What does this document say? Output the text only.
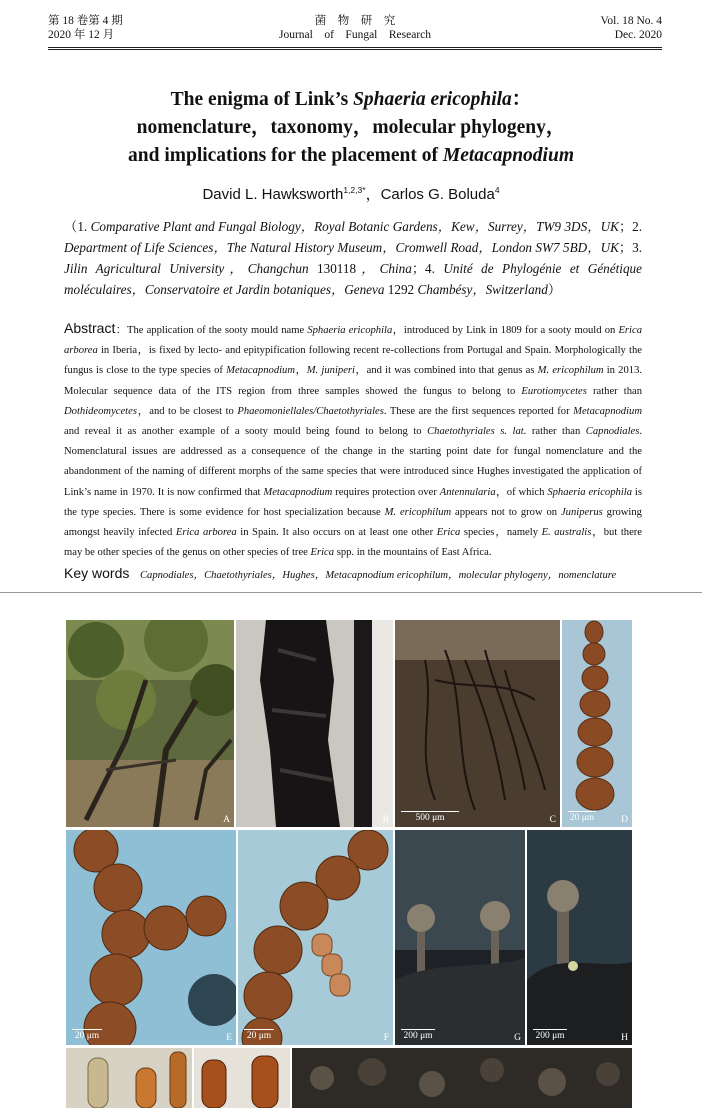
第 18 卷第 4 期
2020 年 12 月
菌　物　研　究
Journal　of　Fungal　Research
Vol. 18 No. 4
Dec. 2020
The enigma of Link’s Sphaeria ericophila：
nomenclature，taxonomy，molecular phylogeny，
and implications for the placement of Metacapnodium
David L. Hawksworth$^{1,2,3*}$，Carlos G. Boluda$^4$
（1. Comparative Plant and Fungal Biology，Royal Botanic Gardens，Kew，Surrey，TW9 3DS，UK；2. Department of Life Sciences，The Natural History Museum，Cromwell Road，London SW7 5BD，UK；3. Jilin Agricultural University，Changchun 130118，China；4. Unité de Phylogénie et Génétique moléculaires，Conservatoire et Jardin botaniques，Geneva 1292 Chambésy，Switzerland）
Abstract：The application of the sooty mould name Sphaeria ericophila，introduced by Link in 1809 for a sooty mould on Erica arborea in Iberia，is fixed by lecto- and epitypification following recent re-collections from Portugal and Spain. Morphologically the fungus is close to the type species of Metacapnodium，M. juniperi，and it was combined into that genus as M. ericophilum in 2013. Molecular sequence data of the ITS region from three samples showed the fungus to belong to Eurotiomycetes rather than Dothideomycetes，and to be closest to Phaeomoniellales/Chaetothyriales. These are the first sequences reported for Metacapnodium and reveal it as another example of a sooty mould being found to belong to Chaetothyriales s. lat. rather than Capnodiales. Nomenclatural issues are addressed as a consequence of the change in the starting point date for fungal nomenclature and the abandonment of the naming of different morphs of the same species that were introduced since Hughes investigated the application of Link’s name in 1970. It is now confirmed that Metacapnodium requires protection over Antennularia，of which Sphaeria ericophila is the type species. There is some evidence for host specialization because M. ericophilum appears not to grow on Juniperus growing amongst heavily infected Erica arborea in Spain. It also occurs on at least one other Erica species，namely E. australis，but there may be other species of the genus on other species of tree Erica spp. in the mountains of East Africa.
Key words　 Capnodiales，Chaetothyriales，Hughes，Metacapnodium ericophilum，molecular phylogeny，nomenclature
A	B	500 μm	C 20 μm	D
20 μm	E 20 μm	F 200 μm	G 200 μm	H
